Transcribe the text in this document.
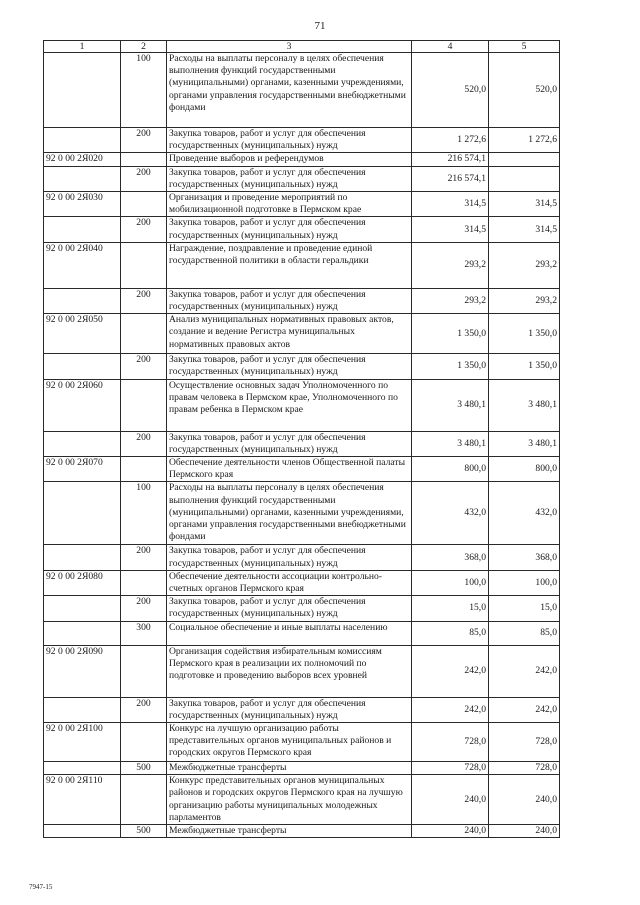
71
1	2	3	4	5
	100	Расходы на выплаты персоналу в целях обеспечения выполнения функций государственными (муниципальными) органами, казенными учреждениями, органами управления государственными внебюджетными фондами	520,0	520,0
	200	Закупка товаров, работ и услуг для обеспечения государственных (муниципальных) нужд	1 272,6	1 272,6
92 0 00 2Я020		Проведение выборов и референдумов	216 574,1	
	200	Закупка товаров, работ и услуг для обеспечения государственных (муниципальных) нужд	216 574,1	
92 0 00 2Я030		Организация и проведение мероприятий по мобилизационной подготовке в Пермском крае	314,5	314,5
	200	Закупка товаров, работ и услуг для обеспечения государственных (муниципальных) нужд	314,5	314,5
92 0 00 2Я040		Награждение, поздравление и проведение единой государственной политики в области геральдики	293,2	293,2
	200	Закупка товаров, работ и услуг для обеспечения государственных (муниципальных) нужд	293,2	293,2
92 0 00 2Я050		Анализ муниципальных нормативных правовых актов, создание и ведение Регистра муниципальных нормативных правовых актов	1 350,0	1 350,0
	200	Закупка товаров, работ и услуг для обеспечения государственных (муниципальных) нужд	1 350,0	1 350,0
92 0 00 2Я060		Осуществление основных задач Уполномоченного по правам человека в Пермском крае, Уполномоченного по правам ребенка в Пермском крае	3 480,1	3 480,1
	200	Закупка товаров, работ и услуг для обеспечения государственных (муниципальных) нужд	3 480,1	3 480,1
92 0 00 2Я070		Обеспечение деятельности членов Общественной палаты Пермского края	800,0	800,0
	100	Расходы на выплаты персоналу в целях обеспечения выполнения функций государственными (муниципальными) органами, казенными учреждениями, органами управления государственными внебюджетными фондами	432,0	432,0
	200	Закупка товаров, работ и услуг для обеспечения государственных (муниципальных) нужд	368,0	368,0
92 0 00 2Я080		Обеспечение деятельности ассоциации контрольно-счетных органов Пермского края	100,0	100,0
	200	Закупка товаров, работ и услуг для обеспечения государственных (муниципальных) нужд	15,0	15,0
	300	Социальное обеспечение и иные выплаты населению	85,0	85,0
92 0 00 2Я090		Организация содействия избирательным комиссиям Пермского края в реализации их полномочий по подготовке и проведению выборов всех уровней	242,0	242,0
	200	Закупка товаров, работ и услуг для обеспечения государственных (муниципальных) нужд	242,0	242,0
92 0 00 2Я100		Конкурс на лучшую организацию работы представительных органов муниципальных районов и городских округов Пермского края	728,0	728,0
	500	Межбюджетные трансферты	728,0	728,0
92 0 00 2Я110		Конкурс представительных органов муниципальных районов и городских округов Пермского края на лучшую организацию работы муниципальных молодежных парламентов	240,0	240,0
	500	Межбюджетные трансферты	240,0	240,0
7947-15
